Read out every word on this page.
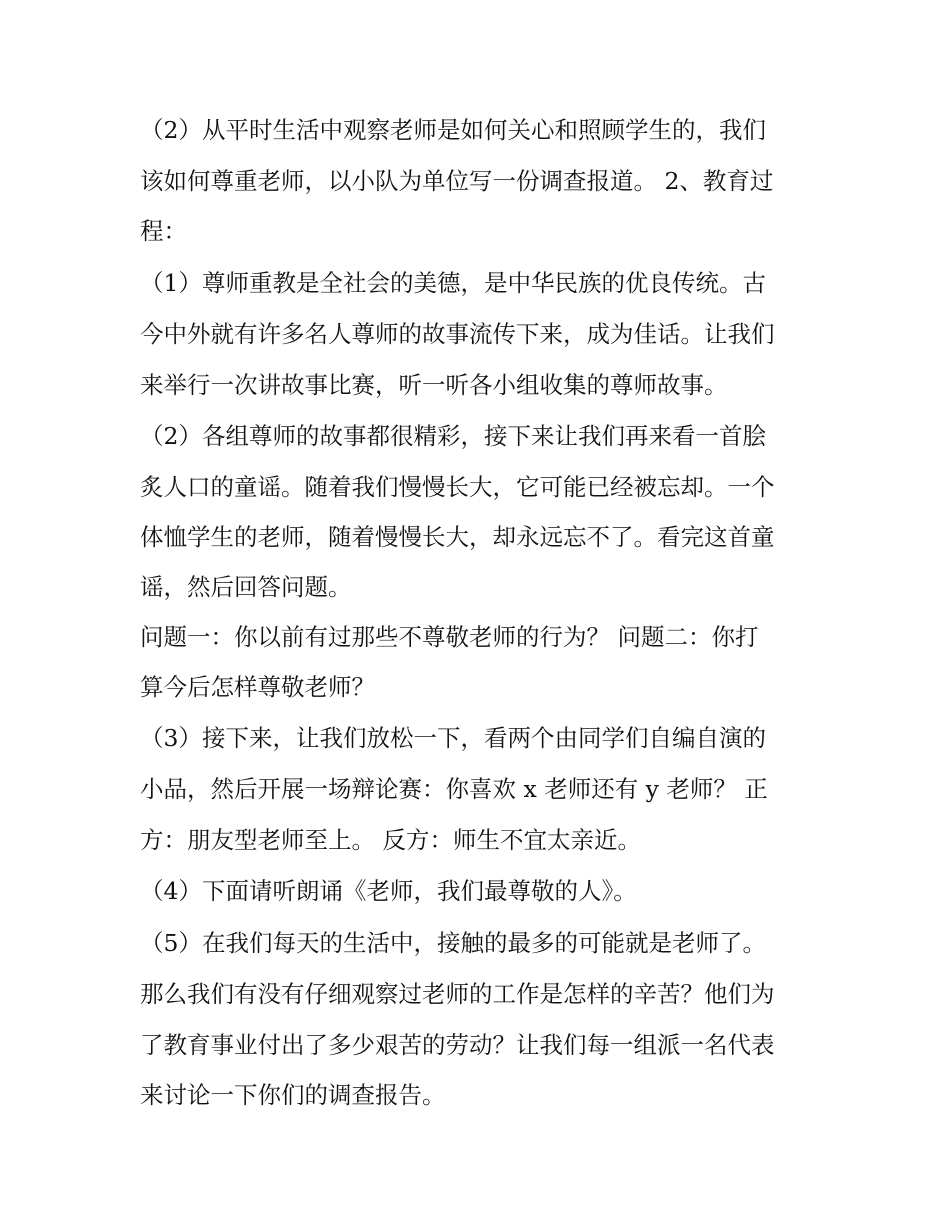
（2）从平时生活中观察老师是如何关心和照顾学生的，我们
该如何尊重老师，以小队为单位写一份调查报道。 2、教育过
程：
（1）尊师重教是全社会的美德，是中华民族的优良传统。古
今中外就有许多名人尊师的故事流传下来，成为佳话。让我们
来举行一次讲故事比赛，听一听各小组收集的尊师故事。
（2）各组尊师的故事都很精彩，接下来让我们再来看一首脍
炙人口的童谣。随着我们慢慢长大，它可能已经被忘却。一个
体恤学生的老师，随着慢慢长大，却永远忘不了。看完这首童
谣，然后回答问题。
问题一：你以前有过那些不尊敬老师的行为？ 问题二：你打
算今后怎样尊敬老师？
（3）接下来，让我们放松一下，看两个由同学们自编自演的
小品，然后开展一场辩论赛：你喜欢 x 老师还有 y 老师？ 正
方：朋友型老师至上。 反方：师生不宜太亲近。
（4）下面请听朗诵《老师，我们最尊敬的人》。
（5）在我们每天的生活中，接触的最多的可能就是老师了。
那么我们有没有仔细观察过老师的工作是怎样的辛苦？他们为
了教育事业付出了多少艰苦的劳动？让我们每一组派一名代表
来讨论一下你们的调查报告。
